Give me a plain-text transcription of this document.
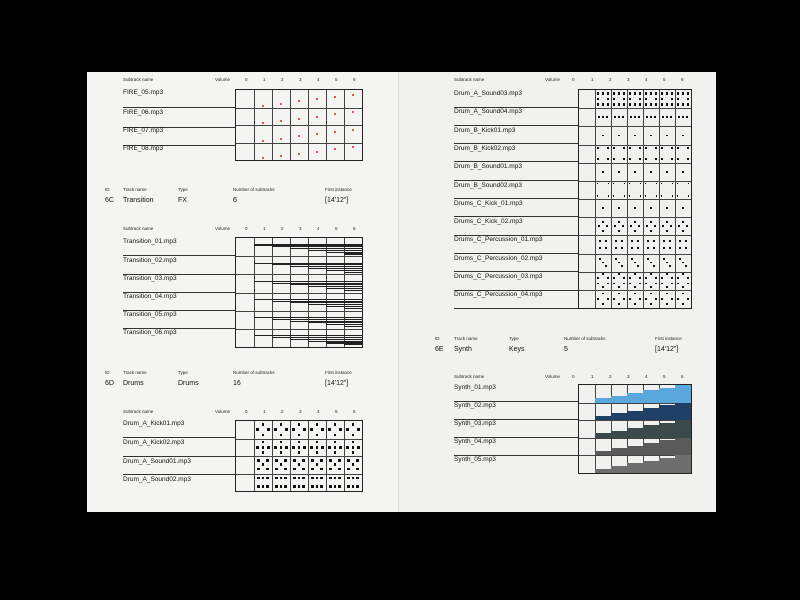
Subtrack name	Volume	0	1	2	3	4	5	6
FIRE_05.mp3
FIRE_06.mp3
FIRE_07.mp3
FIRE_08.mp3
ID	Track name	Type	Number of subtracks	First instance
6C Transition	FX	6	[14'12"]
Subtrack name	Volume	0	1	2	3	4	5	6
Transition_01.mp3
Transition_02.mp3
Transition_03.mp3
Transition_04.mp3
Transition_05.mp3
Transition_06.mp3
ID	Track name	Type	Number of subtracks	First instance
6D Drums	Drums	16	[14'12"]
Subtrack name	Volume	0	1	2	3	4	5	6
Drum_A_Kick01.mp3
Drum_A_Kick02.mp3
Drum_A_Sound01.mp3
Drum_A_Sound02.mp3
Subtrack name	Volume	0	1	2	3	4	5	6
Drum_A_Sound03.mp3
Drum_A_Sound04.mp3
Drum_B_Kick01.mp3
Drum_B_Kick02.mp3
Drum_B_Sound01.mp3
Drum_B_Sound02.mp3
Drums_C_Kick_01.mp3
Drums_C_Kick_02.mp3
Drums_C_Percussion_01.mp3
Drums_C_Percussion_02.mp3
Drums_C_Percussion_03.mp3
Drums_C_Percussion_04.mp3
ID	Track name	Type	Number of subtracks	First instance
6E Synth	Keys	5	[14'12"]
Subtrack name	Volume	0	1	2	3	4	5	6
Synth_01.mp3
Synth_02.mp3
Synth_03.mp3
Synth_04.mp3
Synth_05.mp3
